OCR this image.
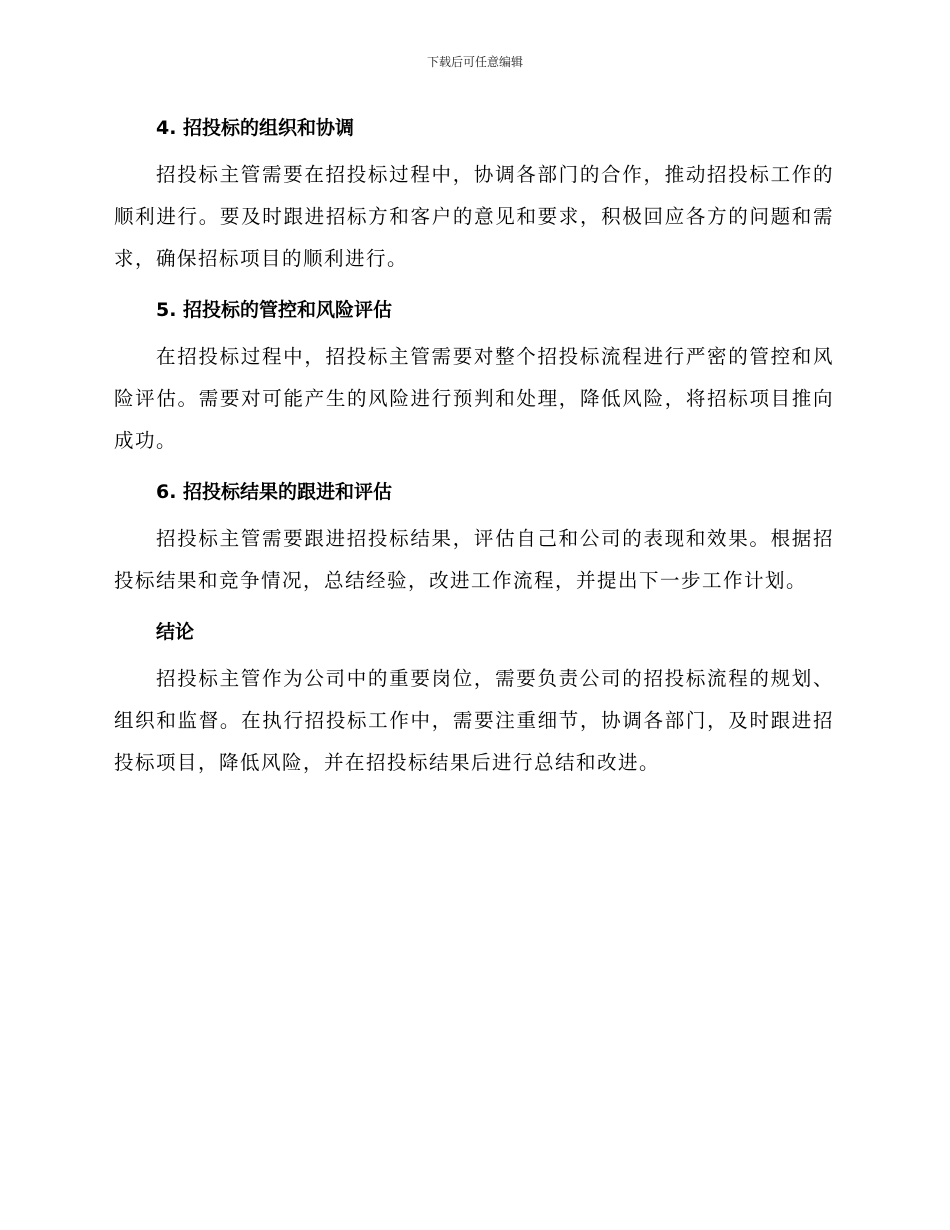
下载后可任意编辑
4. 招投标的组织和协调

招投标主管需要在招投标过程中，协调各部门的合作，推动招投标工作的顺利进行。要及时跟进招标方和客户的意见和要求，积极回应各方的问题和需求，确保招标项目的顺利进行。

5. 招投标的管控和风险评估

在招投标过程中，招投标主管需要对整个招投标流程进行严密的管控和风险评估。需要对可能产生的风险进行预判和处理，降低风险，将招标项目推向成功。

6. 招投标结果的跟进和评估

招投标主管需要跟进招投标结果，评估自己和公司的表现和效果。根据招投标结果和竞争情况，总结经验，改进工作流程，并提出下一步工作计划。

结论

招投标主管作为公司中的重要岗位，需要负责公司的招投标流程的规划、组织和监督。在执行招投标工作中，需要注重细节，协调各部门，及时跟进招投标项目，降低风险，并在招投标结果后进行总结和改进。
